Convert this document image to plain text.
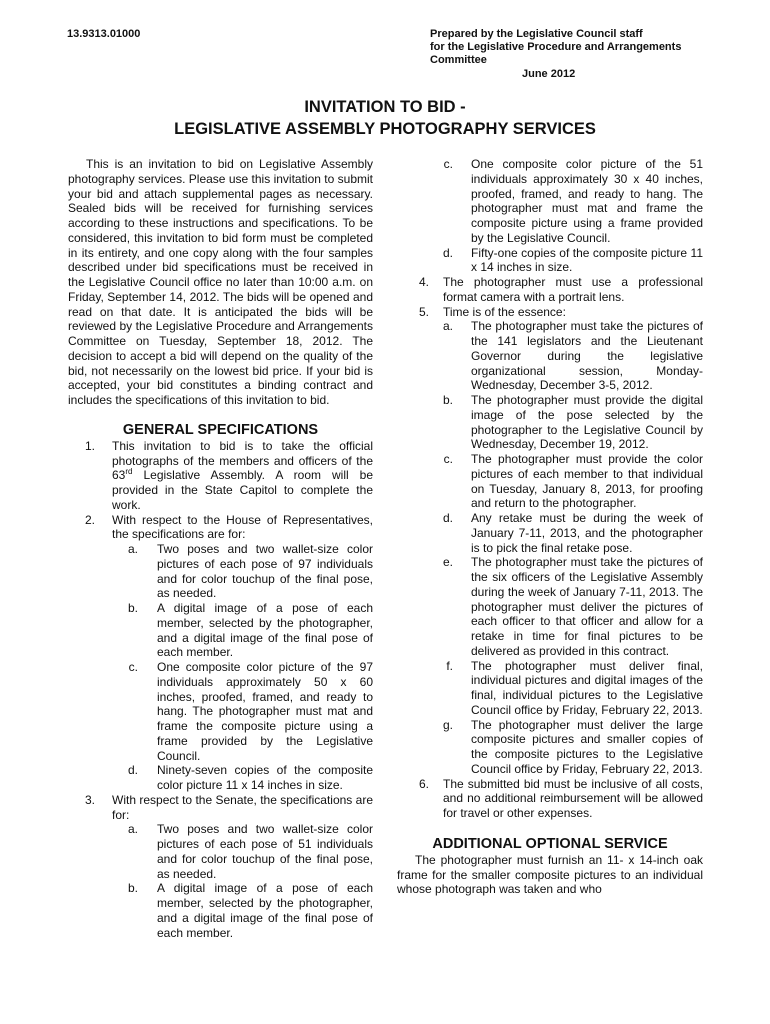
13.9313.01000	Prepared by the Legislative Council staff
for the Legislative Procedure and Arrangements
Committee
June 2012
INVITATION TO BID -
LEGISLATIVE ASSEMBLY PHOTOGRAPHY SERVICES
This is an invitation to bid on Legislative Assembly photography services. Please use this invitation to submit your bid and attach supplemental pages as necessary. Sealed bids will be received for furnishing services according to these instructions and specifications. To be considered, this invitation to bid form must be completed in its entirety, and one copy along with the four samples described under bid specifications must be received in the Legislative Council office no later than 10:00 a.m. on Friday, September 14, 2012. The bids will be opened and read on that date. It is anticipated the bids will be reviewed by the Legislative Procedure and Arrangements Committee on Tuesday, September 18, 2012. The decision to accept a bid will depend on the quality of the bid, not necessarily on the lowest bid price. If your bid is accepted, your bid constitutes a binding contract and includes the specifications of this invitation to bid.
GENERAL SPECIFICATIONS
1.	This invitation to bid is to take the official photographs of the members and officers of the 63rd Legislative Assembly. A room will be provided in the State Capitol to complete the work.
2.	With respect to the House of Representatives, the specifications are for:
a.	Two poses and two wallet-size color pictures of each pose of 97 individuals and for color touchup of the final pose, as needed.
b.	A digital image of a pose of each member, selected by the photographer, and a digital image of the final pose of each member.
c.	One composite color picture of the 97 individuals approximately 50 x 60 inches, proofed, framed, and ready to hang. The photographer must mat and frame the composite picture using a frame provided by the Legislative Council.
d.	Ninety-seven copies of the composite color picture 11 x 14 inches in size.
3.	With respect to the Senate, the specifications are for:
a.	Two poses and two wallet-size color pictures of each pose of 51 individuals and for color touchup of the final pose, as needed.
b.	A digital image of a pose of each member, selected by the photographer, and a digital image of the final pose of each member.
c.	One composite color picture of the 51 individuals approximately 30 x 40 inches, proofed, framed, and ready to hang. The photographer must mat and frame the composite picture using a frame provided by the Legislative Council.
d.	Fifty-one copies of the composite picture 11 x 14 inches in size.
4.	The photographer must use a professional format camera with a portrait lens.
5.	Time is of the essence:
a.	The photographer must take the pictures of the 141 legislators and the Lieutenant Governor during the legislative organizational session, Monday-Wednesday, December 3-5, 2012.
b.	The photographer must provide the digital image of the pose selected by the photographer to the Legislative Council by Wednesday, December 19, 2012.
c.	The photographer must provide the color pictures of each member to that individual on Tuesday, January 8, 2013, for proofing and return to the photographer.
d.	Any retake must be during the week of January 7-11, 2013, and the photographer is to pick the final retake pose.
e.	The photographer must take the pictures of the six officers of the Legislative Assembly during the week of January 7-11, 2013. The photographer must deliver the pictures of each officer to that officer and allow for a retake in time for final pictures to be delivered as provided in this contract.
f.	The photographer must deliver final, individual pictures and digital images of the final, individual pictures to the Legislative Council office by Friday, February 22, 2013.
g.	The photographer must deliver the large composite pictures and smaller copies of the composite pictures to the Legislative Council office by Friday, February 22, 2013.
6.	The submitted bid must be inclusive of all costs, and no additional reimbursement will be allowed for travel or other expenses.
ADDITIONAL OPTIONAL SERVICE
The photographer must furnish an 11- x 14-inch oak frame for the smaller composite pictures to an individual whose photograph was taken and who
